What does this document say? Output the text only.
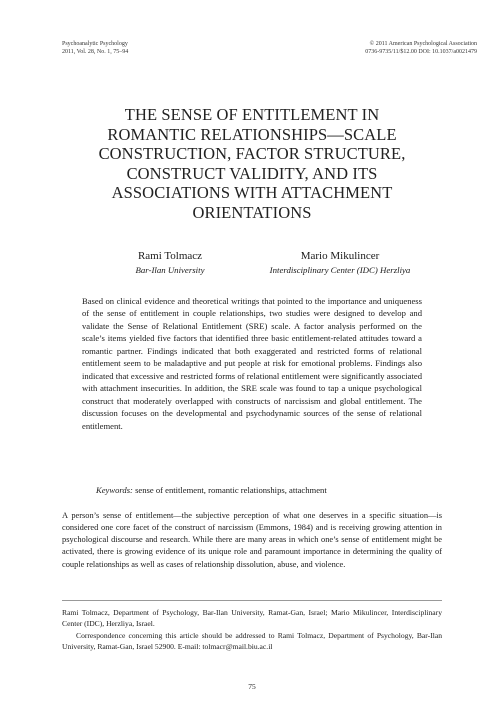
Psychoanalytic Psychology
2011, Vol. 28, No. 1, 75–94
© 2011 American Psychological Association
0736-9735/11/$12.00 DOI: 10.1037/a0021479
THE SENSE OF ENTITLEMENT IN
ROMANTIC RELATIONSHIPS—SCALE
CONSTRUCTION, FACTOR STRUCTURE,
CONSTRUCT VALIDITY, AND ITS
ASSOCIATIONS WITH ATTACHMENT
ORIENTATIONS
Rami Tolmacz
Bar-Ilan University
Mario Mikulincer
Interdisciplinary Center (IDC) Herzliya

Based on clinical evidence and theoretical writings that pointed to the importance and uniqueness of the sense of entitlement in couple relationships, two studies were designed to develop and validate the Sense of Relational Entitlement (SRE) scale. A factor analysis performed on the scale’s items yielded five factors that identified three basic entitlement-related attitudes toward a romantic partner. Findings indicated that both exaggerated and restricted forms of relational entitlement seem to be maladaptive and put people at risk for emotional problems. Findings also indicated that excessive and restricted forms of relational entitlement were significantly associated with attachment insecurities. In addition, the SRE scale was found to tap a unique psychological construct that moderately overlapped with constructs of narcissism and global entitlement. The discussion focuses on the developmental and psychodynamic sources of the sense of relational entitlement.

Keywords: sense of entitlement, romantic relationships, attachment

A person’s sense of entitlement—the subjective perception of what one deserves in a specific situation—is considered one core facet of the construct of narcissism (Emmons, 1984) and is receiving growing attention in psychological discourse and research. While there are many areas in which one’s sense of entitlement might be activated, there is growing evidence of its unique role and paramount importance in determining the quality of couple relationships as well as cases of relationship dissolution, abuse, and violence.

Rami Tolmacz, Department of Psychology, Bar-Ilan University, Ramat-Gan, Israel; Mario Mikulincer, Interdisciplinary Center (IDC), Herzliya, Israel.

Correspondence concerning this article should be addressed to Rami Tolmacz, Department of Psychology, Bar-Ilan University, Ramat-Gan, Israel 52900. E-mail: tolmacr@mail.biu.ac.il

75
